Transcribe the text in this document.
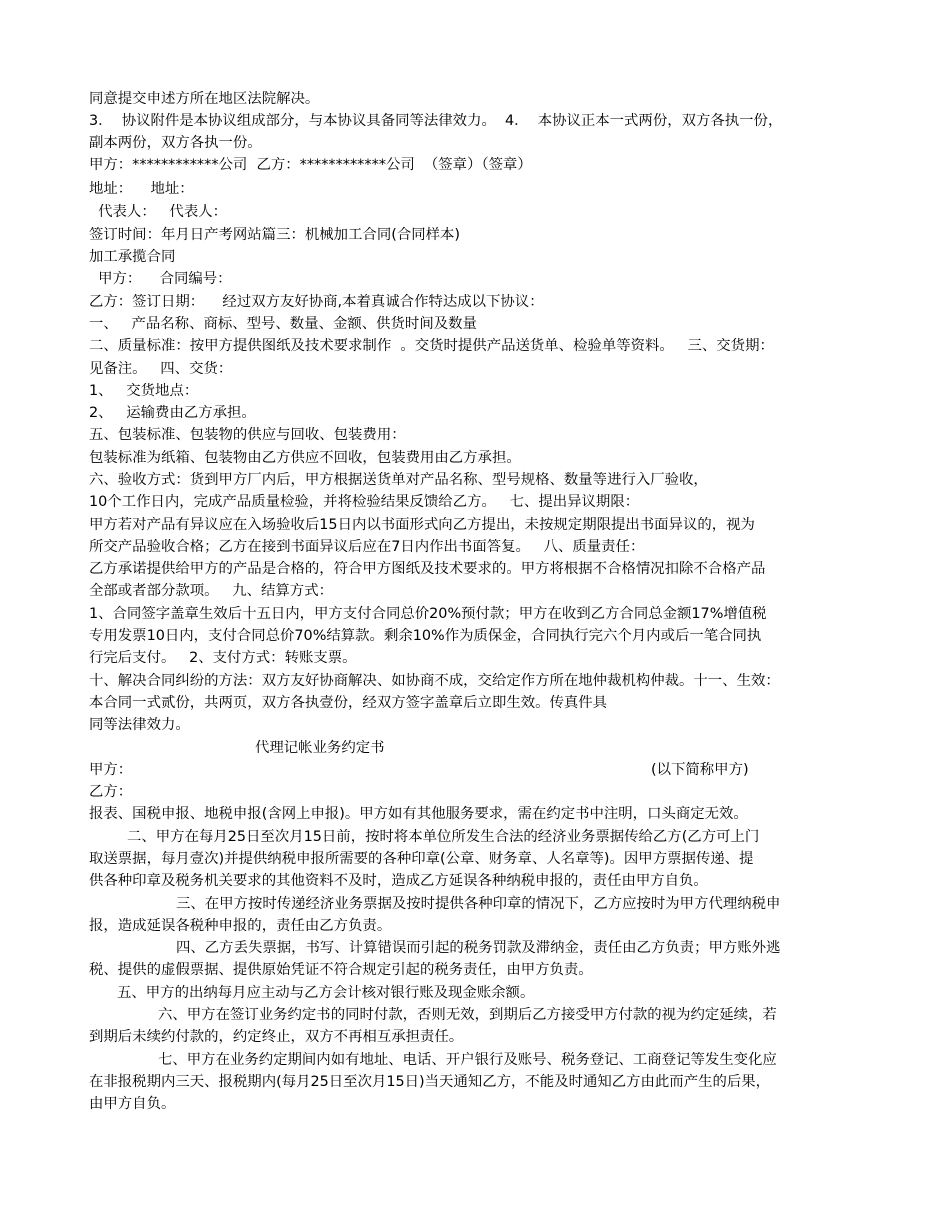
同意提交申述方所在地区法院解决。
3．  协议附件是本协议组成部分，与本协议具备同等法律效力。  4．  本协议正本一式两份，双方各执一份，
副本两份，双方各执一份。
甲方：************公司  乙方：************公司  （签章）（签章）
地址：    地址：
代表人：   代表人：
签订时间：年月日产考网站篇三：机械加工合同(合同样本)
加工承揽合同
甲方：    合同编号：
乙方：签订日期：    经过双方友好协商,本着真诚合作特达成以下协议：
一、   产品名称、商标、型号、数量、金额、供货时间及数量
二、质量标准：按甲方提供图纸及技术要求制作  。交货时提供产品送货单、检验单等资料。   三、交货期：
见备注。   四、交货：
1、   交货地点：
2、   运输费由乙方承担。
五、包装标准、包装物的供应与回收、包装费用：
包装标准为纸箱、包装物由乙方供应不回收，包装费用由乙方承担。
六、验收方式：货到甲方厂内后，甲方根据送货单对产品名称、型号规格、数量等进行入厂验收，
10个工作日内，完成产品质量检验，并将检验结果反馈给乙方。   七、提出异议期限：
甲方若对产品有异议应在入场验收后15日内以书面形式向乙方提出，未按规定期限提出书面异议的，视为
所交产品验收合格；乙方在接到书面异议后应在7日内作出书面答复。   八、质量责任：
乙方承诺提供给甲方的产品是合格的，符合甲方图纸及技术要求的。甲方将根据不合格情况扣除不合格产品
全部或者部分款项。   九、结算方式：
1、合同签字盖章生效后十五日内，甲方支付合同总价20%预付款；甲方在收到乙方合同总金额17%增值税
专用发票10日内，支付合同总价70%结算款。剩余10%作为质保金，合同执行完六个月内或后一笔合同执
行完后支付。   2、支付方式：转账支票。
十、解决合同纠纷的方法：双方友好协商解决、如协商不成，交给定作方所在地仲裁机构仲裁。十一、生效：
本合同一式贰份，共两页，双方各执壹份，经双方签字盖章后立即生效。传真件具
同等法律效力。
代理记帐业务约定书
甲方：	(以下简称甲方)
乙方：
报表、国税申报、地税申报(含网上申报)。甲方如有其他服务要求，需在约定书中注明，口头商定无效。
二、甲方在每月25日至次月15日前，按时将本单位所发生合法的经济业务票据传给乙方(乙方可上门
取送票据，每月壹次)并提供纳税申报所需要的各种印章(公章、财务章、人名章等)。因甲方票据传递、提
供各种印章及税务机关要求的其他资料不及时，造成乙方延误各种纳税申报的，责任由甲方自负。
三、在甲方按时传递经济业务票据及按时提供各种印章的情况下，乙方应按时为甲方代理纳税申
报，造成延误各税种申报的，责任由乙方负责。
四、乙方丢失票据，书写、计算错误而引起的税务罚款及滞纳金，责任由乙方负责；甲方账外逃
税、提供的虚假票据、提供原始凭证不符合规定引起的税务责任，由甲方负责。
五、甲方的出纳每月应主动与乙方会计核对银行账及现金账余额。
六、甲方在签订业务约定书的同时付款，否则无效，到期后乙方接受甲方付款的视为约定延续，若
到期后未续约付款的，约定终止，双方不再相互承担责任。
七、甲方在业务约定期间内如有地址、电话、开户银行及账号、税务登记、工商登记等发生变化应
在非报税期内三天、报税期内(每月25日至次月15日)当天通知乙方，不能及时通知乙方由此而产生的后果，
由甲方自负。
